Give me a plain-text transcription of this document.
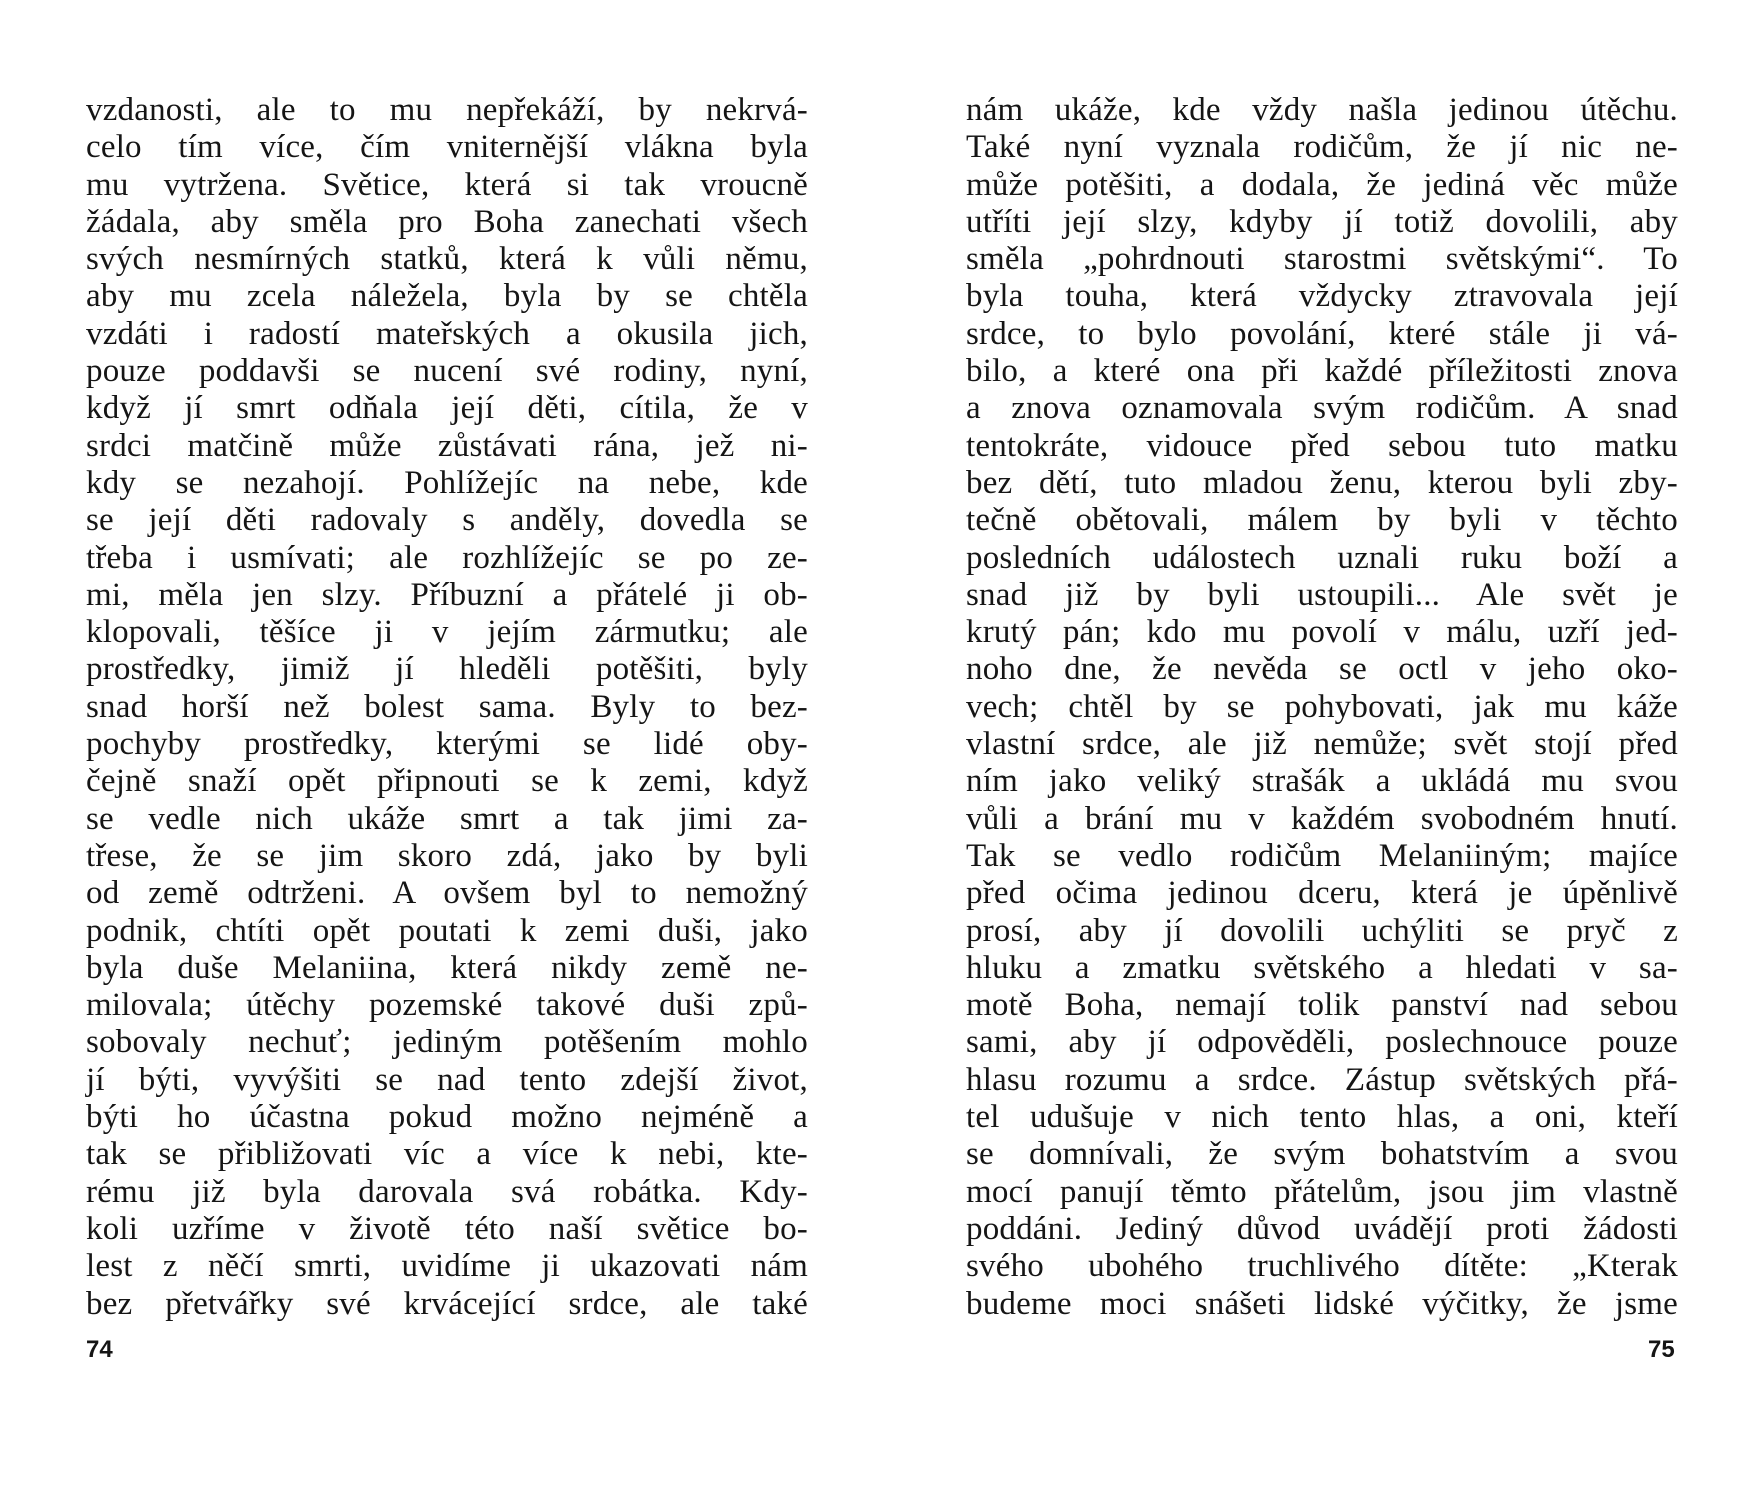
vzdanosti, ale to mu nepřekáží, by nekrvá-
celo tím více, čím vniternější vlákna byla
mu vytržena. Světice, která si tak vroucně
žádala, aby směla pro Boha zanechati všech
svých nesmírných statků, která k vůli němu,
aby mu zcela náležela, byla by se chtěla
vzdáti i radostí mateřských a okusila jich,
pouze poddavši se nucení své rodiny, nyní,
když jí smrt odňala její děti, cítila, že v
srdci matčině může zůstávati rána, jež ni-
kdy se nezahojí. Pohlížejíc na nebe, kde
se její děti radovaly s anděly, dovedla se
třeba i usmívati; ale rozhlížejíc se po ze-
mi, měla jen slzy. Příbuzní a přátelé ji ob-
klopovali, těšíce ji v jejím zármutku; ale
prostředky, jimiž jí hleděli potěšiti, byly
snad horší než bolest sama. Byly to bez-
pochyby prostředky, kterými se lidé oby-
čejně snaží opět připnouti se k zemi, když
se vedle nich ukáže smrt a tak jimi za-
třese, že se jim skoro zdá, jako by byli
od země odtrženi. A ovšem byl to nemožný
podnik, chtíti opět poutati k zemi duši, jako
byla duše Melaniina, která nikdy země ne-
milovala; útěchy pozemské takové duši způ-
sobovaly nechuť; jediným potěšením mohlo
jí býti, vyvýšiti se nad tento zdejší život,
býti ho účastna pokud možno nejméně a
tak se přibližovati víc a více k nebi, kte-
rému již byla darovala svá robátka. Kdy-
koli uzříme v životě této naší světice bo-
lest z něčí smrti, uvidíme ji ukazovati nám
bez přetvářky své krvácející srdce, ale také
nám ukáže, kde vždy našla jedinou útěchu.
Také nyní vyznala rodičům, že jí nic ne-
může potěšiti, a dodala, že jediná věc může
utříti její slzy, kdyby jí totiž dovolili, aby
směla „pohrdnouti starostmi světskými“. To
byla touha, která vždycky ztravovala její
srdce, to bylo povolání, které stále ji vá-
bilo, a které ona při každé příležitosti znova
a znova oznamovala svým rodičům. A snad
tentokráte, vidouce před sebou tuto matku
bez dětí, tuto mladou ženu, kterou byli zby-
tečně obětovali, málem by byli v těchto
posledních událostech uznali ruku boží a
snad již by byli ustoupili... Ale svět je
krutý pán; kdo mu povolí v málu, uzří jed-
noho dne, že nevěda se octl v jeho oko-
vech; chtěl by se pohybovati, jak mu káže
vlastní srdce, ale již nemůže; svět stojí před
ním jako veliký strašák a ukládá mu svou
vůli a brání mu v každém svobodném hnutí.
Tak se vedlo rodičům Melaniiným; majíce
před očima jedinou dceru, která je úpěnlivě
prosí, aby jí dovolili uchýliti se pryč z
hluku a zmatku světského a hledati v sa-
motě Boha, nemají tolik panství nad sebou
sami, aby jí odpověděli, poslechnouce pouze
hlasu rozumu a srdce. Zástup světských přá-
tel udušuje v nich tento hlas, a oni, kteří
se domnívali, že svým bohatstvím a svou
mocí panují těmto přátelům, jsou jim vlastně
poddáni. Jediný důvod uvádějí proti žádosti
svého ubohého truchlivého dítěte: „Kterak
budeme moci snášeti lidské výčitky, že jsme
74	75
